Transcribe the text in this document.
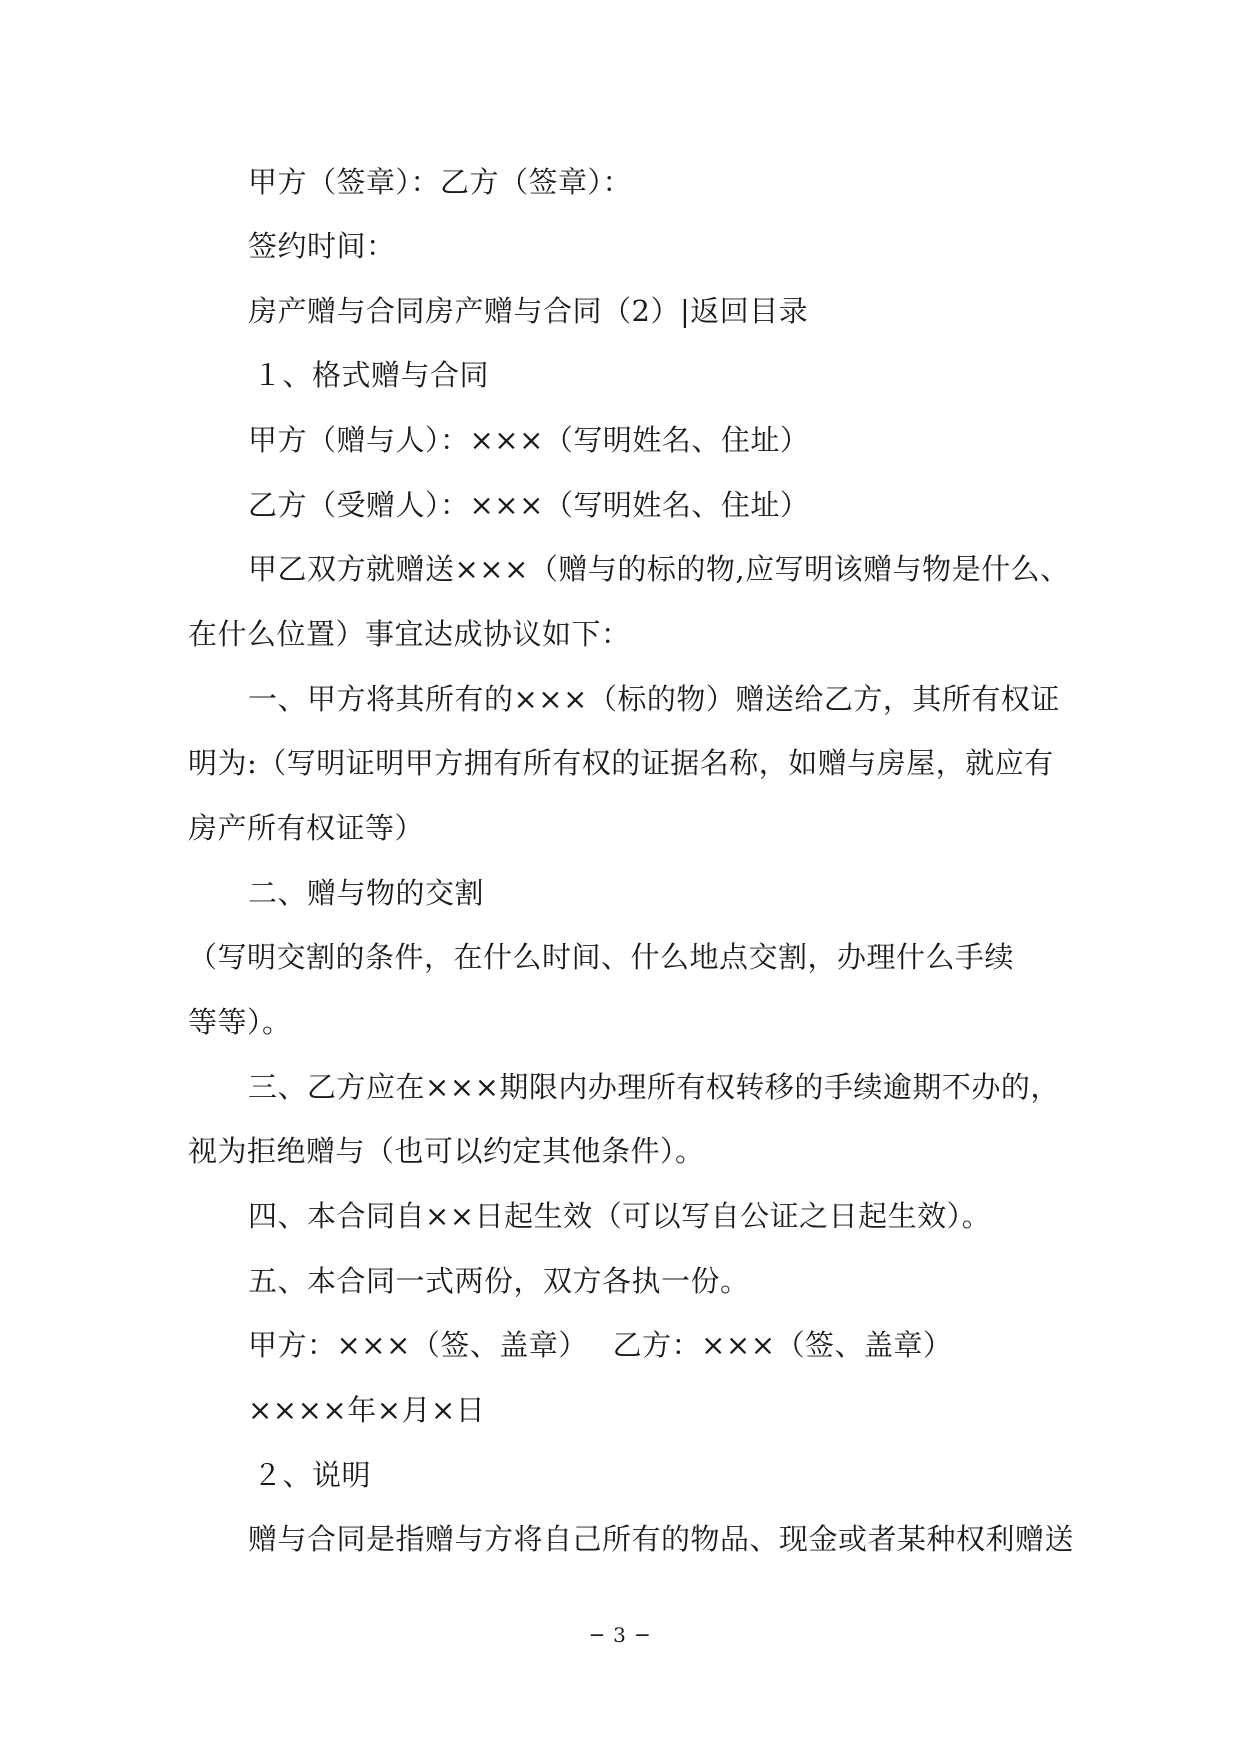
甲方（签章）：乙方（签章）：
签约时间：
房产赠与合同房产赠与合同（2）|返回目录
１、格式赠与合同
甲方（赠与人）：×××（写明姓名、住址）
乙方（受赠人）：×××（写明姓名、住址）
甲乙双方就赠送×××（赠与的标的物,应写明该赠与物是什么、
在什么位置）事宜达成协议如下：
一、甲方将其所有的×××（标的物）赠送给乙方，其所有权证
明为:（写明证明甲方拥有所有权的证据名称，如赠与房屋，就应有
房产所有权证等）
二、赠与物的交割
（写明交割的条件，在什么时间、什么地点交割，办理什么手续
等等）。
三、乙方应在×××期限内办理所有权转移的手续逾期不办的，
视为拒绝赠与（也可以约定其他条件）。
四、本合同自××日起生效（可以写自公证之日起生效）。
五、本合同一式两份，双方各执一份。
甲方：×××（签、盖章）　 乙方：×××（签、盖章）
××××年×月×日
２、说明
赠与合同是指赠与方将自己所有的物品、现金或者某种权利赠送
─ 3 ─
